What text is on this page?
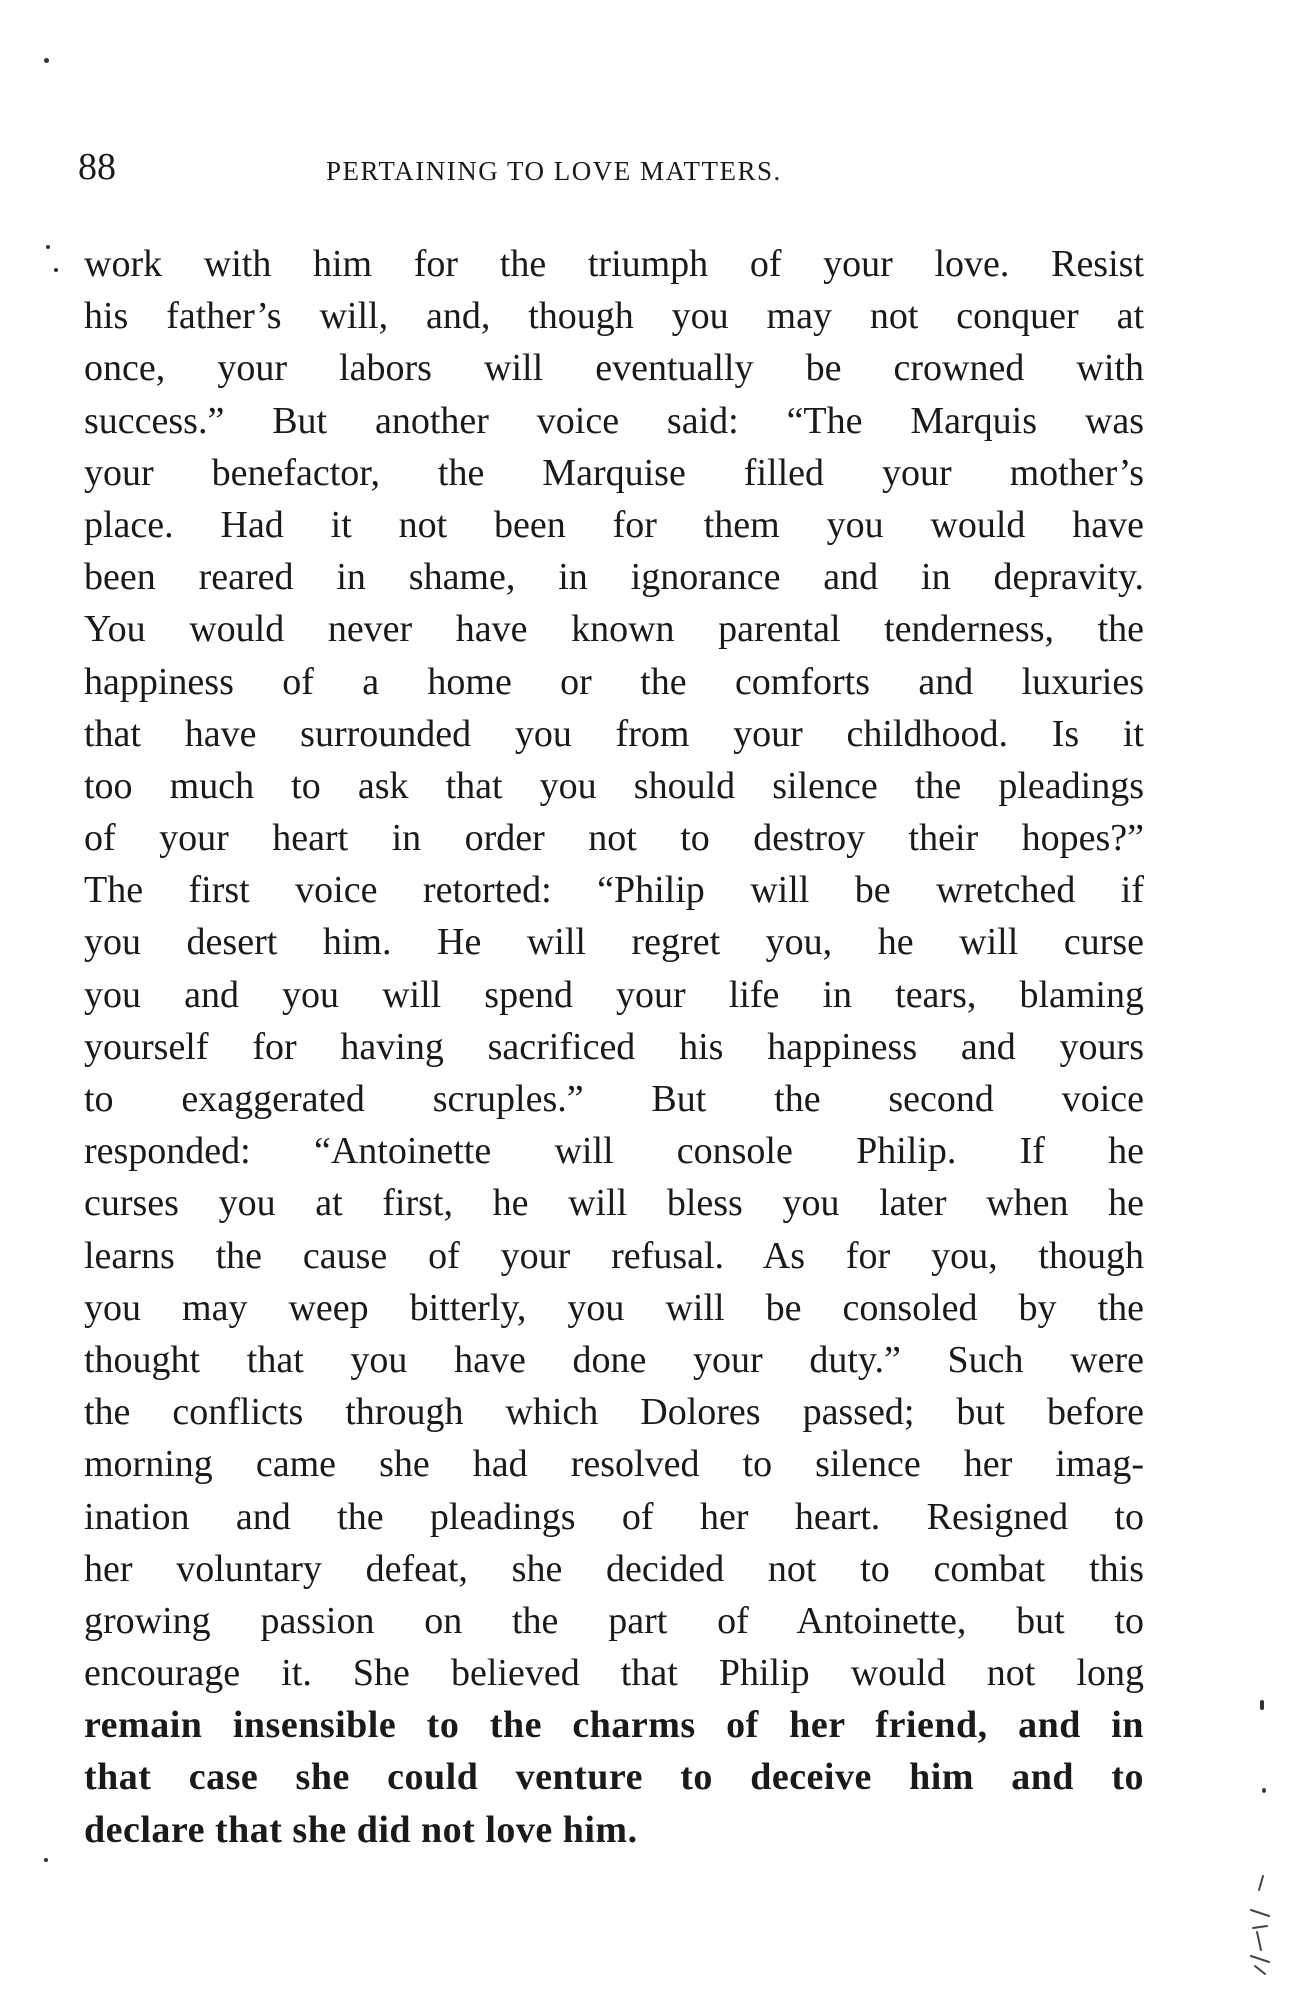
88	PERTAINING TO LOVE MATTERS.
work with him for the triumph of your love. Resist
his father’s will, and, though you may not conquer at
once, your labors will eventually be crowned with
success.” But another voice said: “The Marquis was
your benefactor, the Marquise filled your mother’s
place. Had it not been for them you would have
been reared in shame, in ignorance and in depravity.
You would never have known parental tenderness, the
happiness of a home or the comforts and luxuries
that have surrounded you from your childhood. Is it
too much to ask that you should silence the pleadings
of your heart in order not to destroy their hopes?”
The first voice retorted: “Philip will be wretched if
you desert him. He will regret you, he will curse
you and you will spend your life in tears, blaming
yourself for having sacrificed his happiness and yours
to exaggerated scruples.” But the second voice
responded: “Antoinette will console Philip. If he
curses you at first, he will bless you later when he
learns the cause of your refusal. As for you, though
you may weep bitterly, you will be consoled by the
thought that you have done your duty.” Such were
the conflicts through which Dolores passed; but before
morning came she had resolved to silence her imag-
ination and the pleadings of her heart. Resigned to
her voluntary defeat, she decided not to combat this
growing passion on the part of Antoinette, but to
encourage it. She believed that Philip would not long
remain insensible to the charms of her friend, and in
that case she could venture to deceive him and to
declare that she did not love him.
